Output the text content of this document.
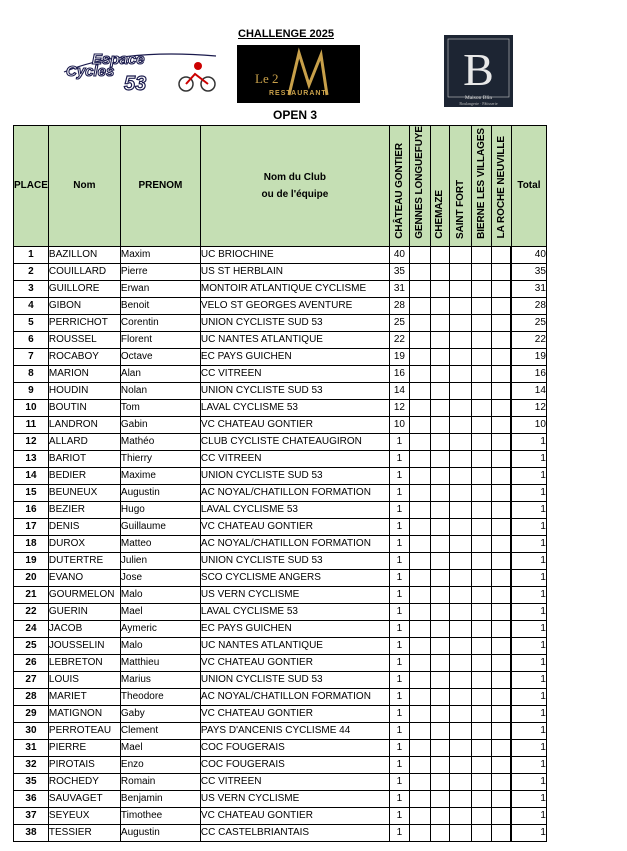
Espace
Cycles
53
CHALLENGE 2025
Le 2
RESTAURANT	B
Maison Blin
Boulangerie · Pâtisserie
OPEN 3
PLACE	Nom	PRENOM	Nom du Club
ou de l'équipe	CHÂTEAU GONTIER	GENNES LONGUEFUYE	CHEMAZE	SAINT FORT	BIERNE LES VILLAGES	LA ROCHE NEUVILLE	Total
1	BAZILLON	Maxim	UC BRIOCHINE	40						40
2	COUILLARD	Pierre	US ST HERBLAIN	35						35
3	GUILLORE	Erwan	MONTOIR ATLANTIQUE CYCLISME	31						31
4	GIBON	Benoit	VELO ST GEORGES AVENTURE	28						28
5	PERRICHOT	Corentin	UNION CYCLISTE SUD 53	25						25
6	ROUSSEL	Florent	UC NANTES ATLANTIQUE	22						22
7	ROCABOY	Octave	EC PAYS GUICHEN	19						19
8	MARION	Alan	CC VITREEN	16						16
9	HOUDIN	Nolan	UNION CYCLISTE SUD 53	14						14
10	BOUTIN	Tom	LAVAL CYCLISME 53	12						12
11	LANDRON	Gabin	VC CHATEAU GONTIER	10						10
12	ALLARD	Mathéo	CLUB CYCLISTE CHATEAUGIRON	1						1
13	BARIOT	Thierry	CC VITREEN	1						1
14	BEDIER	Maxime	UNION CYCLISTE SUD 53	1						1
15	BEUNEUX	Augustin	AC NOYAL/CHATILLON FORMATION	1						1
16	BEZIER	Hugo	LAVAL CYCLISME 53	1						1
17	DENIS	Guillaume	VC CHATEAU GONTIER	1						1
18	DUROX	Matteo	AC NOYAL/CHATILLON FORMATION	1						1
19	DUTERTRE	Julien	UNION CYCLISTE SUD 53	1						1
20	EVANO	Jose	SCO CYCLISME ANGERS	1						1
21	GOURMELON	Malo	US VERN CYCLISME	1						1
22	GUERIN	Mael	LAVAL CYCLISME 53	1						1
24	JACOB	Aymeric	EC PAYS GUICHEN	1						1
25	JOUSSELIN	Malo	UC NANTES ATLANTIQUE	1						1
26	LEBRETON	Matthieu	VC CHATEAU GONTIER	1						1
27	LOUIS	Marius	UNION CYCLISTE SUD 53	1						1
28	MARIET	Theodore	AC NOYAL/CHATILLON FORMATION	1						1
29	MATIGNON	Gaby	VC CHATEAU GONTIER	1						1
30	PERROTEAU	Clement	PAYS D'ANCENIS CYCLISME 44	1						1
31	PIERRE	Mael	COC FOUGERAIS	1						1
32	PIROTAIS	Enzo	COC FOUGERAIS	1						1
35	ROCHEDY	Romain	CC VITREEN	1						1
36	SAUVAGET	Benjamin	US VERN CYCLISME	1						1
37	SEYEUX	Timothee	VC CHATEAU GONTIER	1						1
38	TESSIER	Augustin	CC CASTELBRIANTAIS	1						1
